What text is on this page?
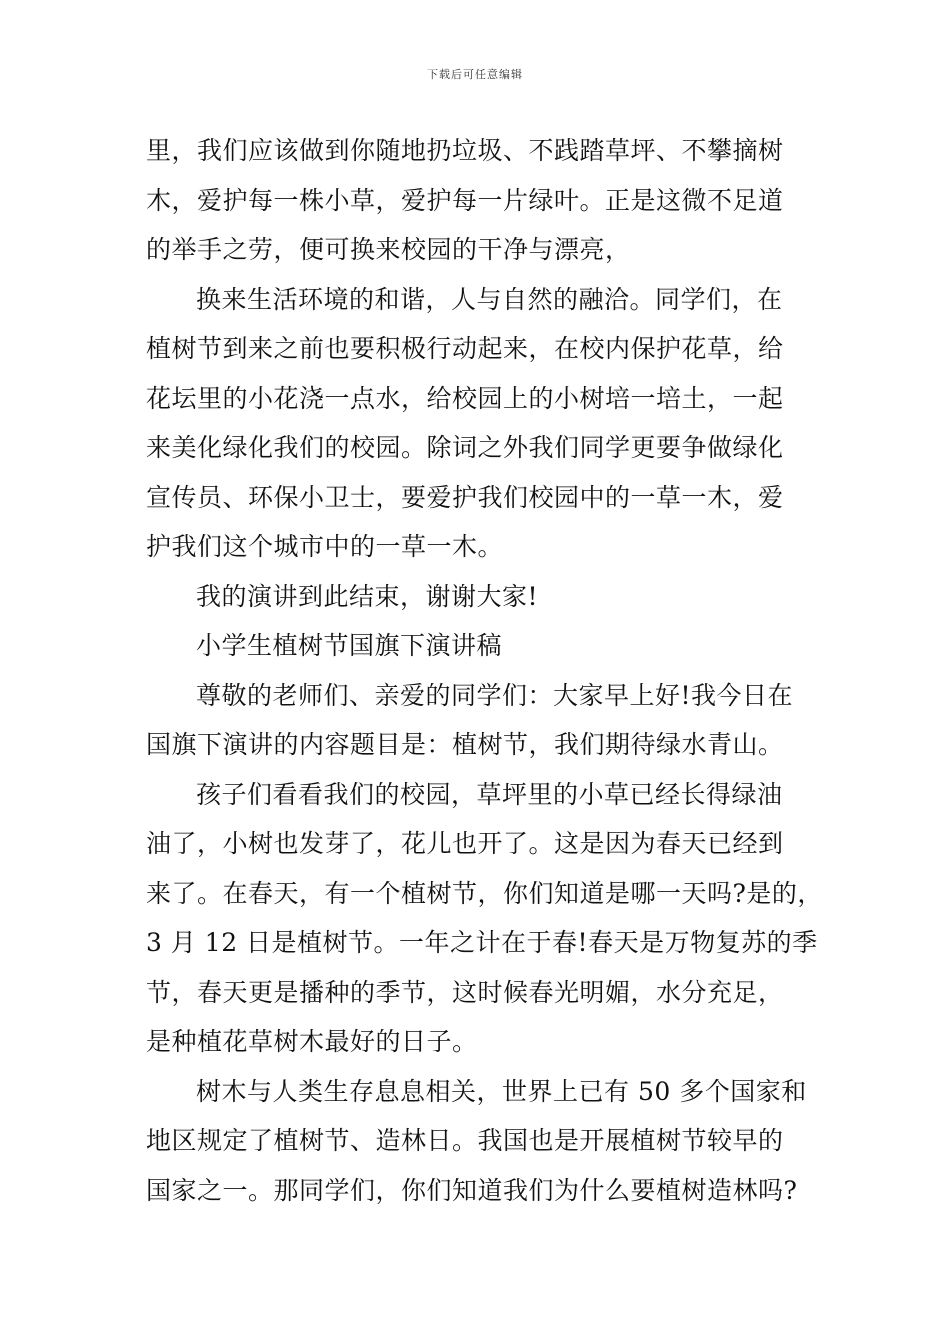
下载后可任意编辑
里，我们应该做到你随地扔垃圾、不践踏草坪、不攀摘树
木，爱护每一株小草，爱护每一片绿叶。正是这微不足道
的举手之劳，便可换来校园的干净与漂亮，
换来生活环境的和谐，人与自然的融洽。同学们，在
植树节到来之前也要积极行动起来，在校内保护花草，给
花坛里的小花浇一点水，给校园上的小树培一培土，一起
来美化绿化我们的校园。除词之外我们同学更要争做绿化
宣传员、环保小卫士，要爱护我们校园中的一草一木，爱
护我们这个城市中的一草一木。
我的演讲到此结束，谢谢大家!
小学生植树节国旗下演讲稿
尊敬的老师们、亲爱的同学们：大家早上好!我今日在
国旗下演讲的内容题目是：植树节，我们期待绿水青山。
孩子们看看我们的校园，草坪里的小草已经长得绿油
油了，小树也发芽了，花儿也开了。这是因为春天已经到
来了。在春天，有一个植树节，你们知道是哪一天吗?是的，
3 月 12 日是植树节。一年之计在于春!春天是万物复苏的季
节，春天更是播种的季节，这时候春光明媚，水分充足，
是种植花草树木最好的日子。
树木与人类生存息息相关，世界上已有 50 多个国家和
地区规定了植树节、造林日。我国也是开展植树节较早的
国家之一。那同学们，你们知道我们为什么要植树造林吗?
